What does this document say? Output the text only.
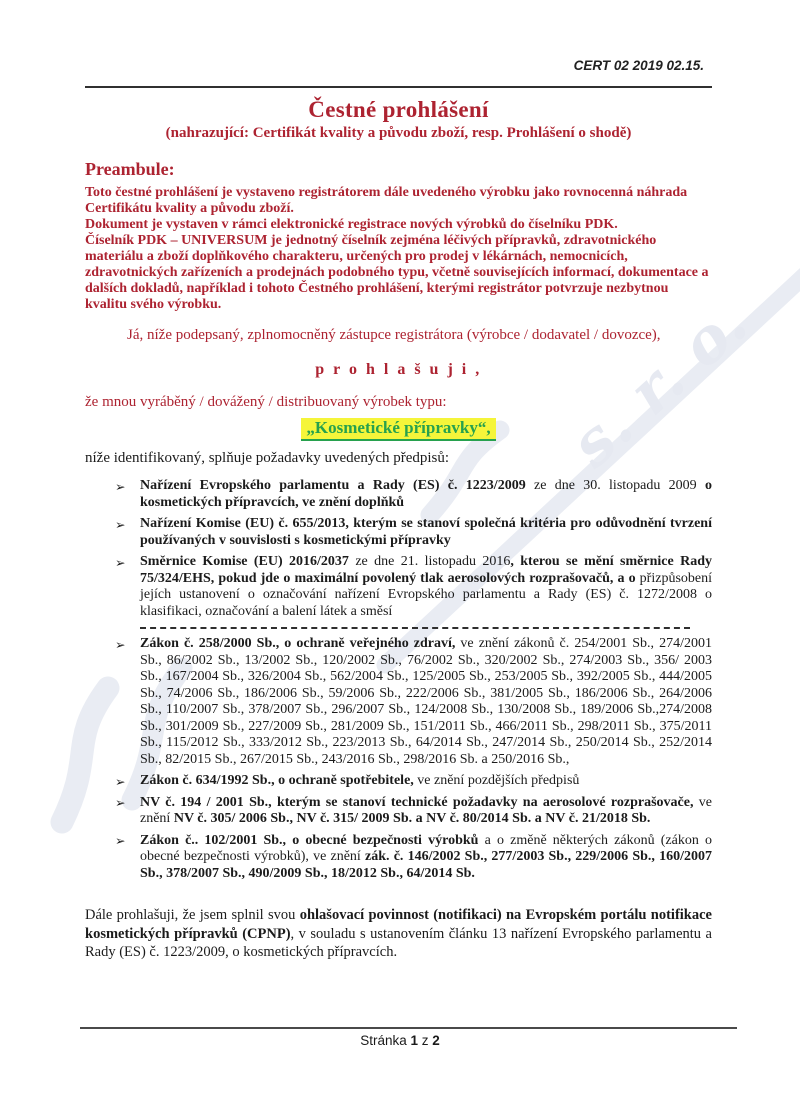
s. r. o.
CERT 02 2019 02.15.
Čestné prohlášení
(nahrazující: Certifikát kvality a původu zboží, resp. Prohlášení o shodě)
Preambule:

Toto čestné prohlášení je vystaveno registrátorem dále uvedeného výrobku jako rovnocenná náhrada Certifikátu kvality a původu zboží.

Dokument je vystaven v rámci elektronické registrace nových výrobků do číselníku PDK.

Číselník PDK – UNIVERSUM je jednotný číselník zejména léčivých přípravků, zdravotnického materiálu a zboží doplňkového charakteru, určených pro prodej v lékárnách, nemocnicích, zdravotnických zařízeních a prodejnách podobného typu, včetně souvisejících informací, dokumentace a dalších dokladů, například i tohoto Čestného prohlášení, kterými registrátor potvrzuje nezbytnou kvalitu svého výrobku.

Já, níže podepsaný, zplnomocněný zástupce registrátora (výrobce / dodavatel / dovozce),

p r o h l a š u j i ,

že mnou vyráběný / dovážený / distribuovaný výrobek typu:

„Kosmetické přípravky“,

níže identifikovaný, splňuje požadavky uvedených předpisů:

➢ Nařízení Evropského parlamentu a Rady (ES) č. 1223/2009 ze dne 30. listopadu 2009 o kosmetických přípravcích, ve znění doplňků
➢ Nařízení Komise (EU) č. 655/2013, kterým se stanoví společná kritéria pro odůvodnění tvrzení používaných v souvislosti s kosmetickými přípravky
➢ Směrnice Komise (EU) 2016/2037 ze dne 21. listopadu 2016, kterou se mění směrnice Rady 75/324/EHS, pokud jde o maximální povolený tlak aerosolových rozprašovačů, a o přizpůsobení jejích ustanovení o označování nařízení Evropského parlamentu a Rady (ES) č. 1272/2008 o klasifikaci, označování a balení látek a směsí
➢ Zákon č. 258/2000 Sb., o ochraně veřejného zdraví, ve znění zákonů č. 254/2001 Sb., 274/2001 Sb., 86/2002 Sb., 13/2002 Sb., 120/2002 Sb., 76/2002 Sb., 320/2002 Sb., 274/2003 Sb., 356/ 2003 Sb., 167/2004 Sb., 326/2004 Sb., 562/2004 Sb., 125/2005 Sb., 253/2005 Sb., 392/2005 Sb., 444/2005 Sb., 74/2006 Sb., 186/2006 Sb., 59/2006 Sb., 222/2006 Sb., 381/2005 Sb., 186/2006 Sb., 264/2006 Sb., 110/2007 Sb., 378/2007 Sb., 296/2007 Sb., 124/2008 Sb., 130/2008 Sb., 189/2006 Sb.,274/2008 Sb., 301/2009 Sb., 227/2009 Sb., 281/2009 Sb., 151/2011 Sb., 466/2011 Sb., 298/2011 Sb., 375/2011 Sb., 115/2012 Sb., 333/2012 Sb., 223/2013 Sb., 64/2014 Sb., 247/2014 Sb., 250/2014 Sb., 252/2014 Sb., 82/2015 Sb., 267/2015 Sb., 243/2016 Sb., 298/2016 Sb. a 250/2016 Sb.,
➢ Zákon č. 634/1992 Sb., o ochraně spotřebitele, ve znění pozdějších předpisů
➢ NV č. 194 / 2001 Sb., kterým se stanoví technické požadavky na aerosolové rozprašovače, ve znění NV č. 305/ 2006 Sb., NV č. 315/ 2009 Sb. a NV č. 80/2014 Sb. a NV č. 21/2018 Sb.
➢ Zákon č.. 102/2001 Sb., o obecné bezpečnosti výrobků a o změně některých zákonů (zákon o obecné bezpečnosti výrobků), ve znění zák. č. 146/2002 Sb., 277/2003 Sb., 229/2006 Sb., 160/2007 Sb., 378/2007 Sb., 490/2009 Sb., 18/2012 Sb., 64/2014 Sb.

Dále prohlašuji, že jsem splnil svou ohlašovací povinnost (notifikaci) na Evropském portálu notifikace kosmetických přípravků (CPNP), v souladu s ustanovením článku 13 nařízení Evropského parlamentu a Rady (ES) č. 1223/2009, o kosmetických přípravcích.

Stránka 1 z 2
